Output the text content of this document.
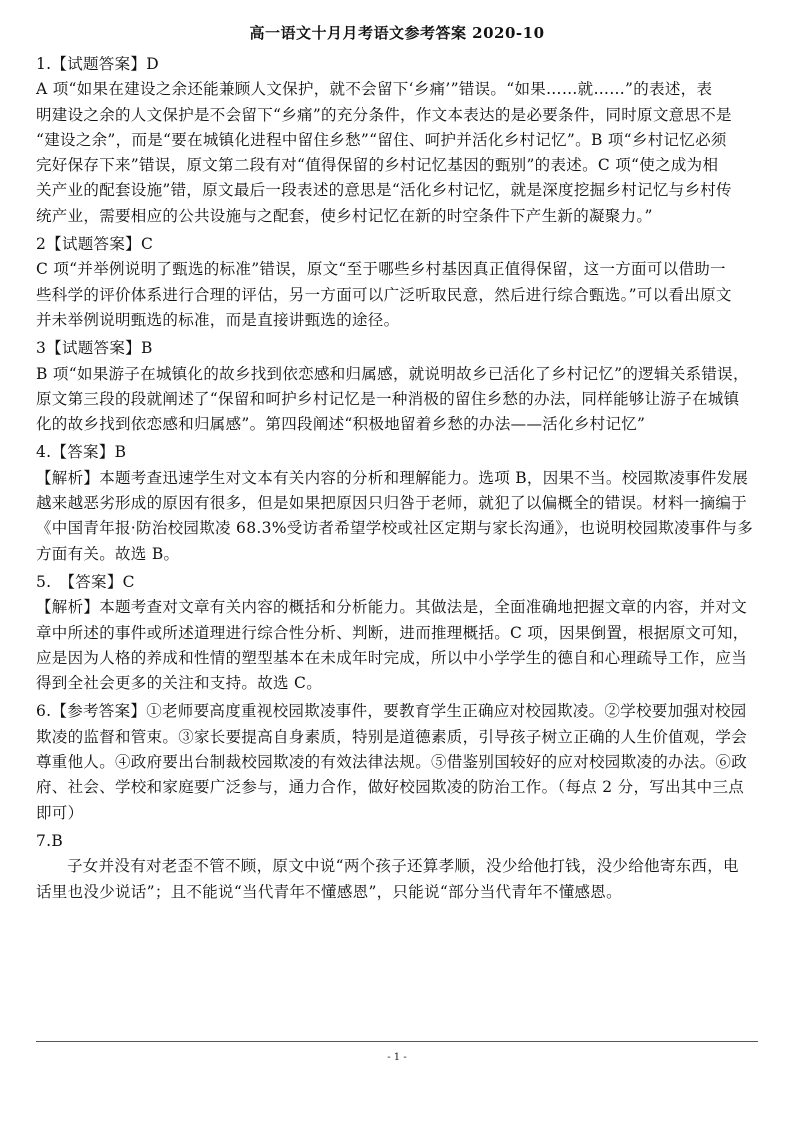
高一语文十月月考语文参考答案 2020-10

1.【试题答案】D

A 项“如果在建设之余还能兼顾人文保护，就不会留下‘乡痛’”错误。“如果……就……”的表述，表

明建设之余的人文保护是不会留下“乡痛”的充分条件，作文本表达的是必要条件，同时原文意思不是

“建设之余”，而是“要在城镇化进程中留住乡愁”“留住、呵护并活化乡村记忆”。B 项“乡村记忆必须

完好保存下来”错误，原文第二段有对“值得保留的乡村记忆基因的甄别”的表述。C 项“使之成为相

关产业的配套设施”错，原文最后一段表述的意思是“活化乡村记忆，就是深度挖掘乡村记忆与乡村传

统产业，需要相应的公共设施与之配套，使乡村记忆在新的时空条件下产生新的凝聚力。”

2【试题答案】C

C 项“并举例说明了甄选的标准”错误，原文“至于哪些乡村基因真正值得保留，这一方面可以借助一

些科学的评价体系进行合理的评估，另一方面可以广泛听取民意，然后进行综合甄选。”可以看出原文

并未举例说明甄选的标准，而是直接讲甄选的途径。

3【试题答案】B

B 项“如果游子在城镇化的故乡找到依恋感和归属感，就说明故乡已活化了乡村记忆”的逻辑关系错误，

原文第三段的段就阐述了“保留和呵护乡村记忆是一种消极的留住乡愁的办法，同样能够让游子在城镇

化的故乡找到依恋感和归属感”。第四段阐述“积极地留着乡愁的办法——活化乡村记忆”

4.【答案】B

【解析】本题考查迅速学生对文本有关内容的分析和理解能力。选项 B，因果不当。校园欺凌事件发展

越来越恶劣形成的原因有很多，但是如果把原因只归咎于老师，就犯了以偏概全的错误。材料一摘编于

《中国青年报·防治校园欺凌 68.3%受访者希望学校或社区定期与家长沟通》，也说明校园欺凌事件与多

方面有关。故选 B。

5.　【答案】C

【解析】本题考查对文章有关内容的概括和分析能力。其做法是，全面准确地把握文章的内容，并对文

章中所述的事件或所述道理进行综合性分析、判断，进而推理概括。C 项，因果倒置，根据原文可知，

应是因为人格的养成和性情的塑型基本在未成年时完成，所以中小学学生的德自和心理疏导工作，应当

得到全社会更多的关注和支持。故选 C。

6.【参考答案】①老师要高度重视校园欺凌事件，要教育学生正确应对校园欺凌。②学校要加强对校园

欺凌的监督和管束。③家长要提高自身素质，特别是道德素质，引导孩子树立正确的人生价值观，学会

尊重他人。④政府要出台制裁校园欺凌的有效法律法规。⑤借鉴别国较好的应对校园欺凌的办法。⑥政

府、社会、学校和家庭要广泛参与，通力合作，做好校园欺凌的防治工作。（每点 2 分，写出其中三点

即可）

7.B

子女并没有对老歪不管不顾，原文中说“两个孩子还算孝顺，没少给他打钱，没少给他寄东西，电

话里也没少说话”；且不能说“当代青年不懂感恩”，只能说“部分当代青年不懂感恩。

- 1 -
